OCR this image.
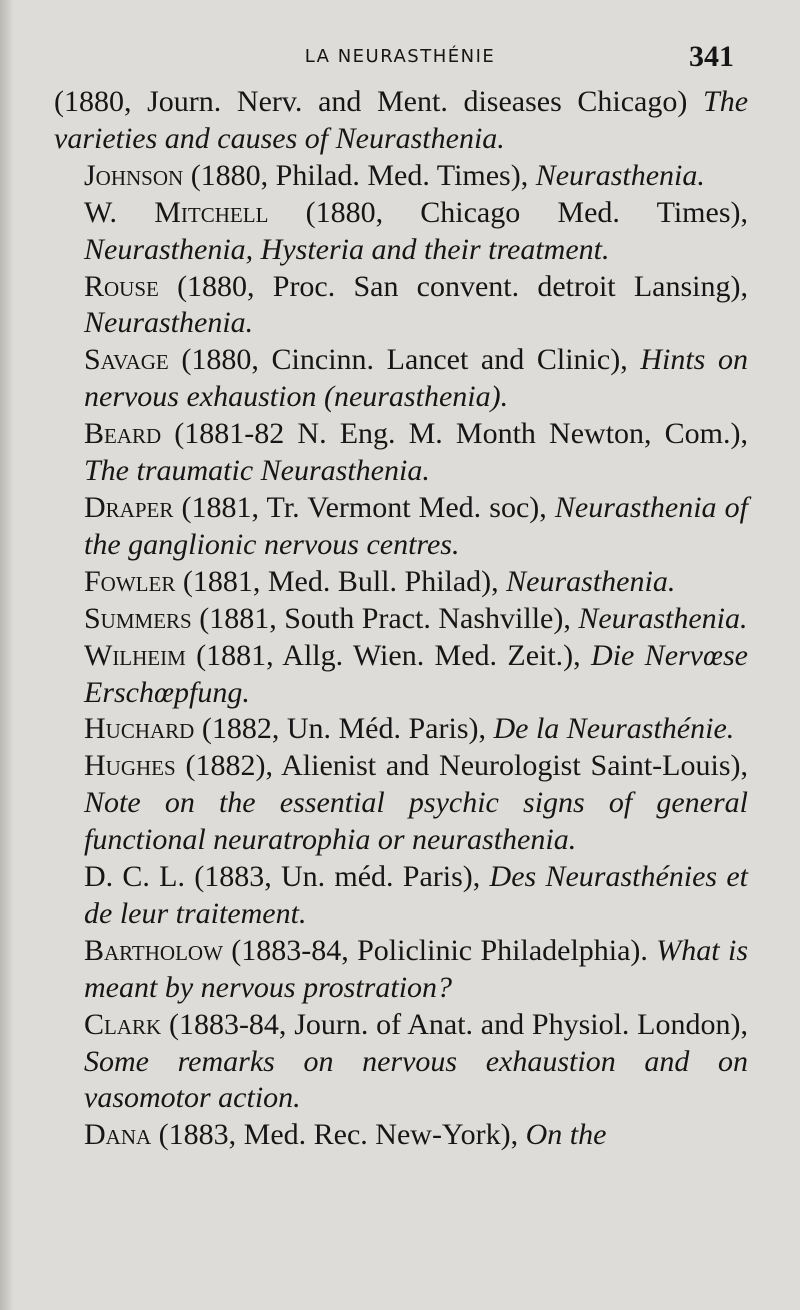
LA NEURASTHÉNIE	341

(1880, Journ. Nerv. and Ment. diseases Chicago) The varieties and causes of Neurasthenia.

Johnson (1880, Philad. Med. Times), Neurasthenia.

W. Mitchell (1880, Chicago Med. Times), Neurasthenia, Hysteria and their treatment.

Rouse (1880, Proc. San convent. detroit Lansing), Neurasthenia.

Savage (1880, Cincinn. Lancet and Clinic), Hints on nervous exhaustion (neurasthenia).

Beard (1881-82 N. Eng. M. Month Newton, Com.), The traumatic Neurasthenia.

Draper (1881, Tr. Vermont Med. soc), Neurasthenia of the ganglionic nervous centres.

Fowler (1881, Med. Bull. Philad), Neurasthenia.

Summers (1881, South Pract. Nashville), Neurasthenia.

Wilheim (1881, Allg. Wien. Med. Zeit.), Die Nervœse Erschœpfung.

Huchard (1882, Un. Méd. Paris), De la Neurasthénie.

Hughes (1882), Alienist and Neurologist Saint-Louis), Note on the essential psychic signs of general functional neuratrophia or neurasthenia.

D. C. L. (1883, Un. méd. Paris), Des Neurasthénies et de leur traitement.

Bartholow (1883-84, Policlinic Philadelphia). What is meant by nervous prostration?

Clark (1883-84, Journ. of Anat. and Physiol. London), Some remarks on nervous exhaustion and on vasomotor action.

Dana (1883, Med. Rec. New-York), On the
